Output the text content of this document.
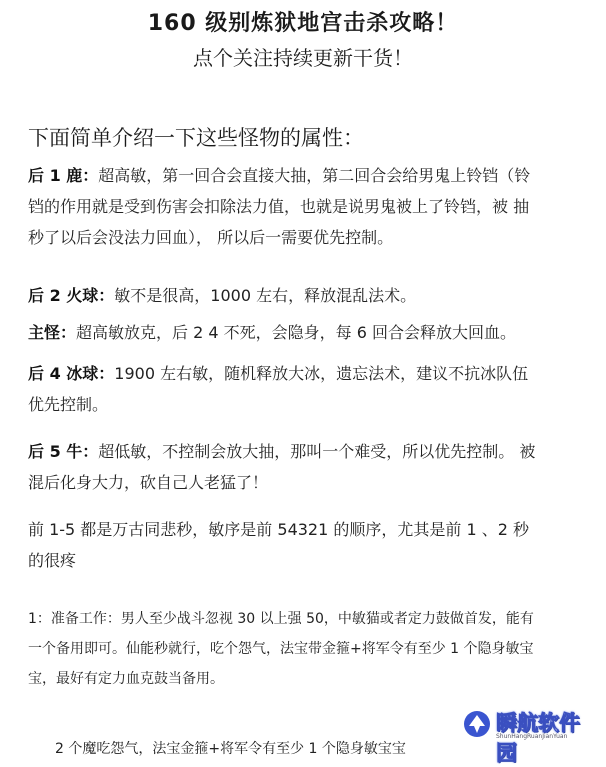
160 级别炼狱地宫击杀攻略！
点个关注持续更新干货！
下面简单介绍一下这些怪物的属性：
后 1 鹿：超高敏，第一回合会直接大抽，第二回合会给男鬼上铃铛（铃
铛的作用就是受到伤害会扣除法力值，也就是说男鬼被上了铃铛，被 抽
秒了以后会没法力回血）， 所以后一需要优先控制。
后 2 火球：敏不是很高，1000 左右，释放混乱法术。
主怪：超高敏放克，后 2 4 不死，会隐身，每 6 回合会释放大回血。
后 4 冰球：1900 左右敏，随机释放大冰，遗忘法术，建议不抗冰队伍
优先控制。
后 5 牛：超低敏，不控制会放大抽，那叫一个难受，所以优先控制。 被
混后化身大力，砍自己人老猛了！
前 1-5 都是万古同悲秒，敏序是前 54321 的顺序，尤其是前 1 、2 秒
的很疼
1：准备工作：男人至少战斗忽视 30 以上强 50，中敏猫或者定力鼓做首发，能有
一个备用即可。仙能秒就行，吃个怨气，法宝带金箍+将军令有至少 1 个隐身敏宝
宝，最好有定力血克鼓当备用。
2 个魔吃怨气，法宝金箍+将军令有至少 1 个隐身敏宝宝
瞬航软件园
ShunHangRuanJianYuan
